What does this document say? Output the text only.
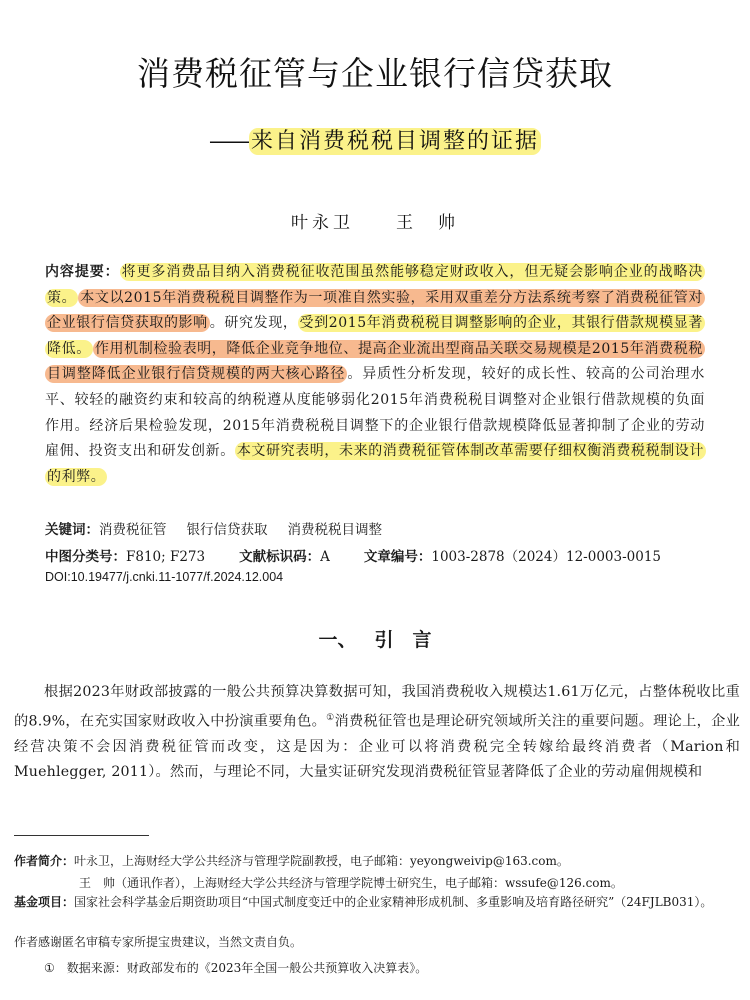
消费税征管与企业银行信贷获取
—— 来自消费税税目调整的证据
叶永卫 王　帅
内容提要： 将更多消费品目纳入消费税征收范围虽然能够稳定财政收入，但无疑会影响企业的战略决策。 本文以2015年消费税税目调整作为一项准自然实验，采用双重差分方法系统考察了消费税征管对企业银行信贷获取的影响 。研究发现， 受到2015年消费税税目调整影响的企业，其银行借款规模显著降低。 作用机制检验表明，降低企业竞争地位、提高企业流出型商品关联交易规模是2015年消费税税目调整降低企业银行信贷规模的两大核心路径 。异质性分析发现，较好的成长性、较高的公司治理水平、较轻的融资约束和较高的纳税遵从度能够弱化2015年消费税税目调整对企业银行借款规模的负面作用。经济后果检验发现，2015年消费税税目调整下的企业银行借款规模降低显著抑制了企业的劳动雇佣、投资支出和研发创新。 本文研究表明，未来的消费税征管体制改革需要仔细权衡消费税税制设计的利弊。
关键词：消费税征管 银行信贷获取 消费税税目调整
中图分类号：F810; F273	文献标识码：A	文章编号：1003-2878（2024）12-0003-0015
DOI:10.19477/j.cnki.11-1077/f.2024.12.004
一、 引　言
根据2023年财政部披露的一般公共预算决算数据可知，我国消费税收入规模达1.61万亿元，占整体税收比重的8.9%，在充实国家财政收入中扮演重要角色。①消费税征管也是理论研究领域所关注的重要问题。理论上，企业经营决策不会因消费税征管而改变，这是因为：企业可以将消费税完全转嫁给最终消费者（Marion和Muehlegger, 2011）。然而，与理论不同，大量实证研究发现消费税征管显著降低了企业的劳动雇佣规模和
作者简介：叶永卫，上海财经大学公共经济与管理学院副教授，电子邮箱：yeyongweivip@163.com。
王　帅（通讯作者），上海财经大学公共经济与管理学院博士研究生，电子邮箱：wssufe@126.com。
基金项目：国家社会科学基金后期资助项目“中国式制度变迁中的企业家精神形成机制、多重影响及培育路径研究”（24FJLB031）。
作者感谢匿名审稿专家所提宝贵建议，当然文责自负。
① 数据来源：财政部发布的《2023年全国一般公共预算收入决算表》。
